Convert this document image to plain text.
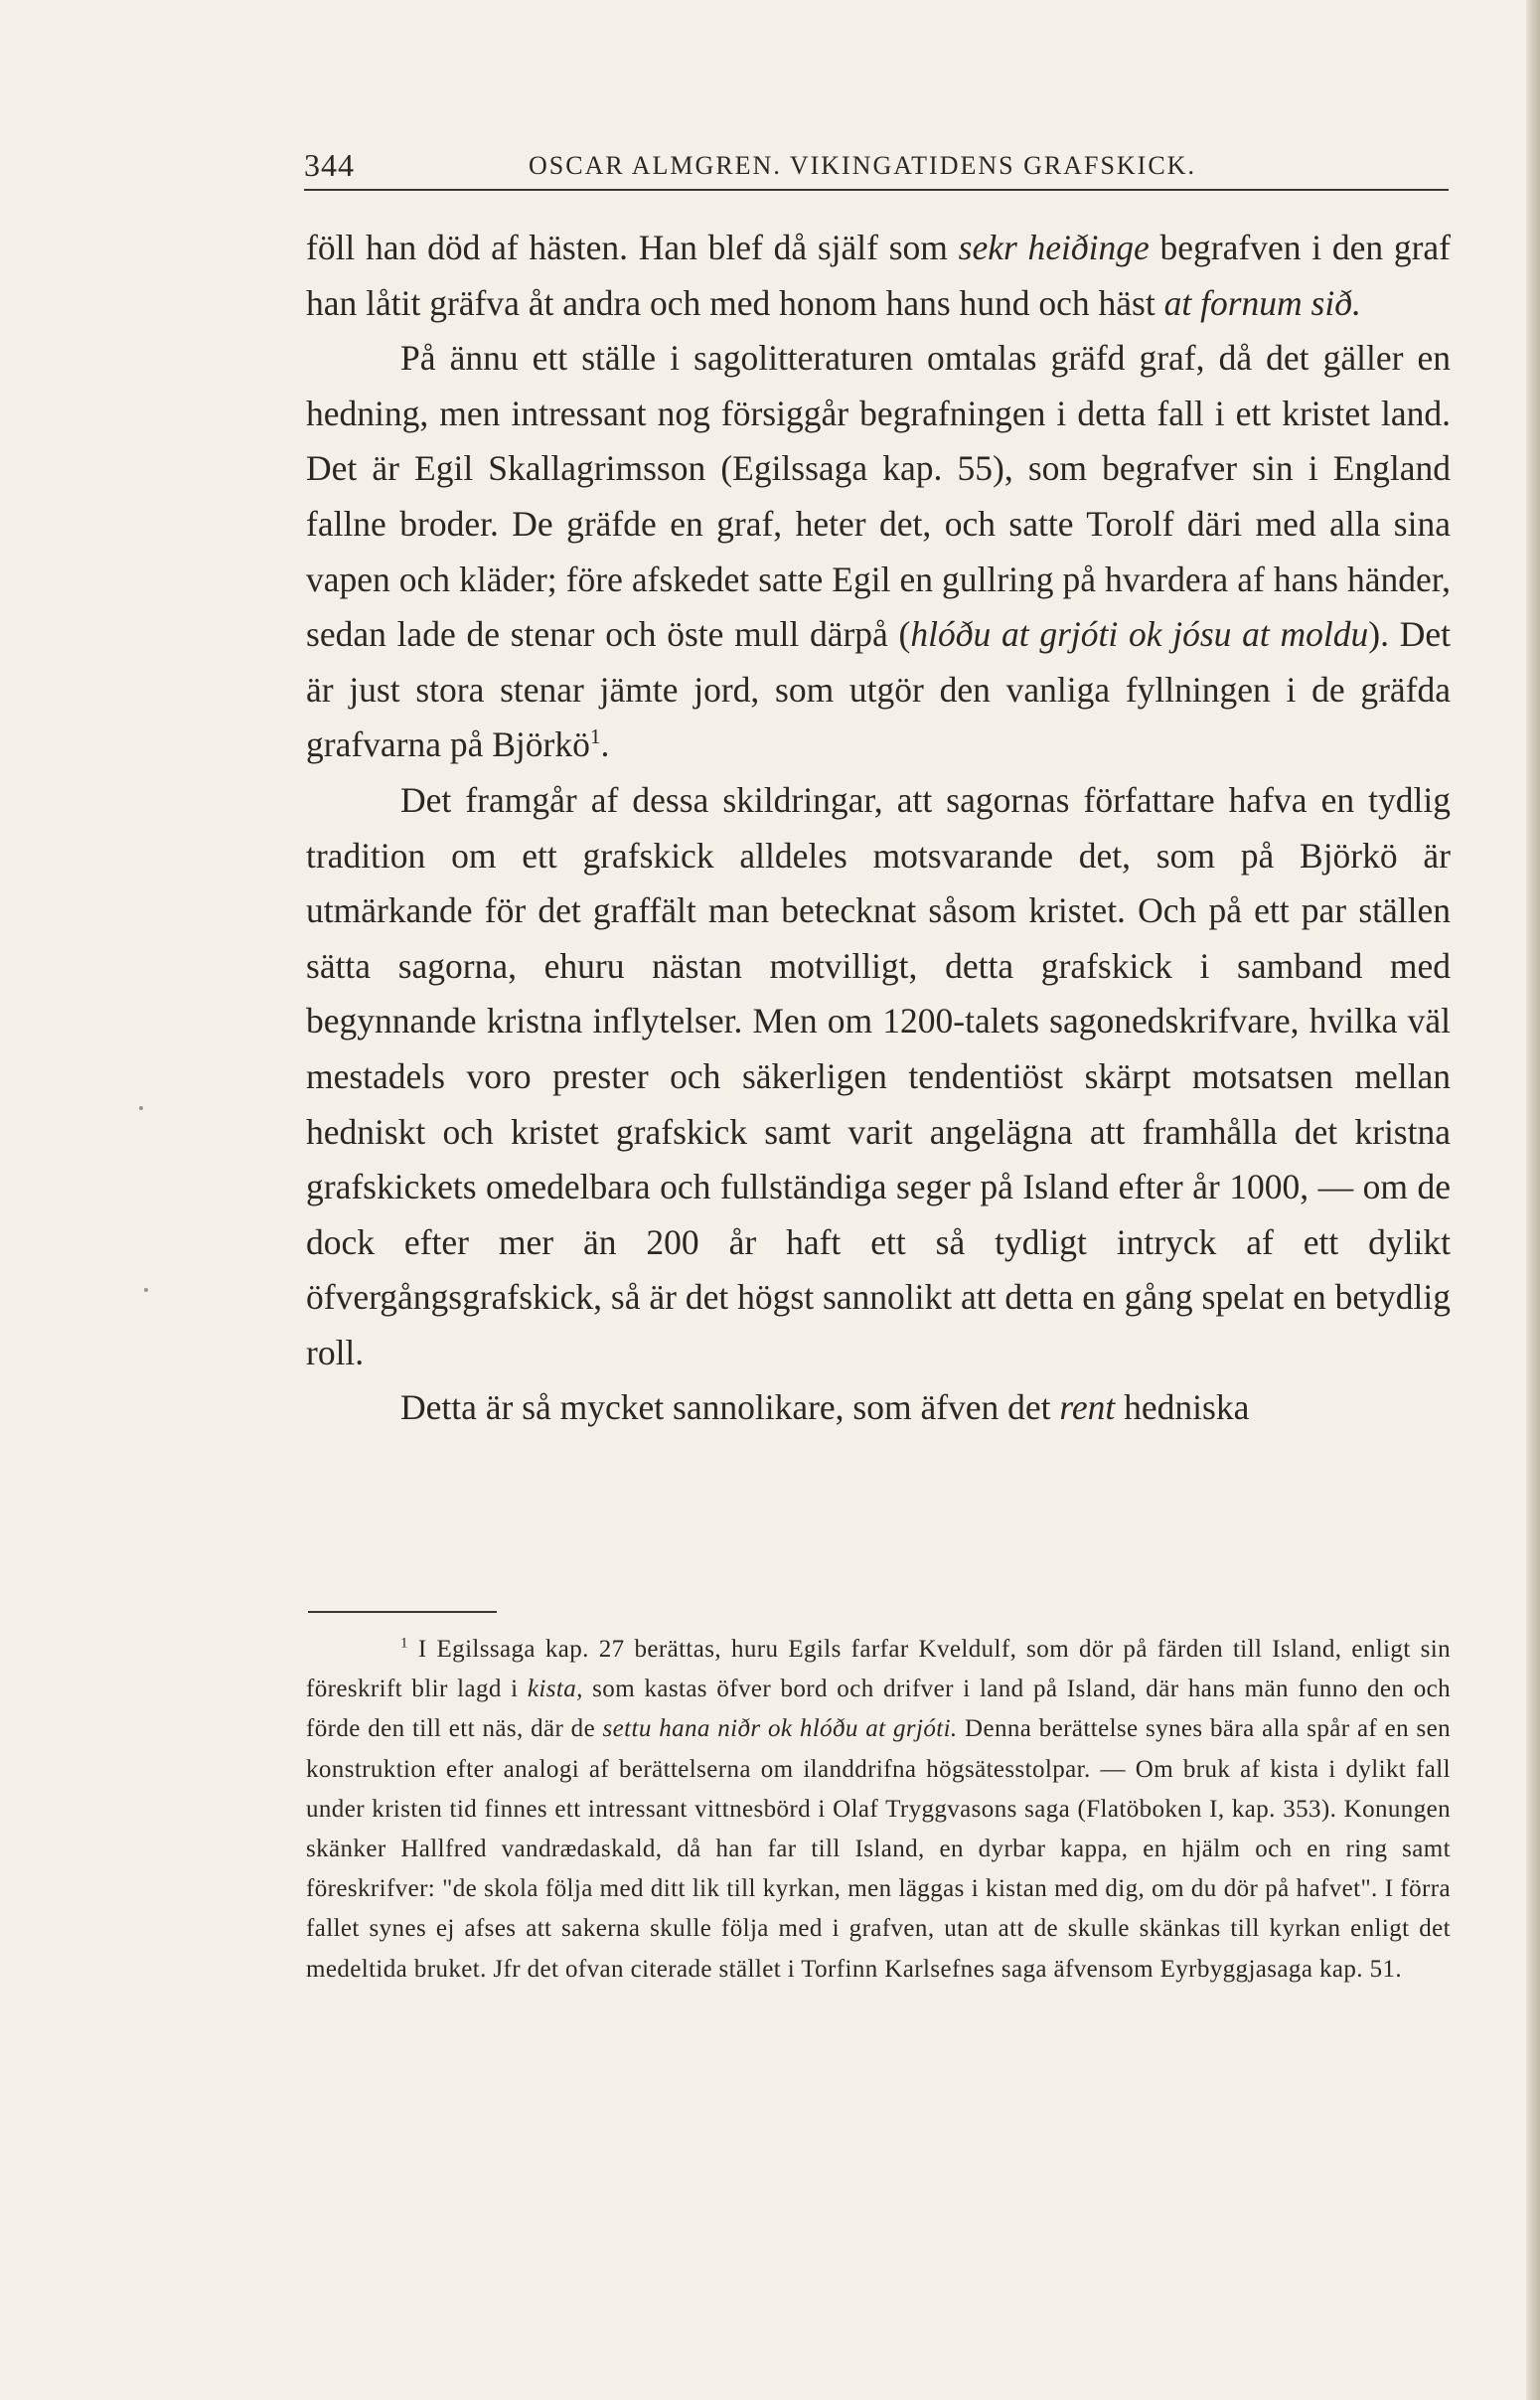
344	OSCAR ALMGREN. VIKINGATIDENS GRAFSKICK.

föll han död af hästen. Han blef då själf som sekr heiðinge begrafven i den graf han låtit gräfva åt andra och med honom hans hund och häst at fornum sið.

På ännu ett ställe i sagolitteraturen omtalas gräfd graf, då det gäller en hedning, men intressant nog försiggår begrafningen i detta fall i ett kristet land. Det är Egil Skallagrimsson (Egilssaga kap. 55), som begrafver sin i England fallne broder. De gräfde en graf, heter det, och satte Torolf däri med alla sina vapen och kläder; före afskedet satte Egil en gullring på hvardera af hans händer, sedan lade de stenar och öste mull därpå (hlóðu at grjóti ok jósu at moldu). Det är just stora stenar jämte jord, som utgör den vanliga fyllningen i de gräfda grafvarna på Björkö$^1$.

Det framgår af dessa skildringar, att sagornas författare hafva en tydlig tradition om ett grafskick alldeles motsvarande det, som på Björkö är utmärkande för det graffält man betecknat såsom kristet. Och på ett par ställen sätta sagorna, ehuru nästan motvilligt, detta grafskick i samband med begynnande kristna inflytelser. Men om 1200-talets sagonedskrifvare, hvilka väl mestadels voro prester och säkerligen tendentiöst skärpt motsatsen mellan hedniskt och kristet grafskick samt varit angelägna att framhålla det kristna grafskickets omedelbara och fullständiga seger på Island efter år 1000, — om de dock efter mer än 200 år haft ett så tydligt intryck af ett dylikt öfvergångsgrafskick, så är det högst sannolikt att detta en gång spelat en betydlig roll.

Detta är så mycket sannolikare, som äfven det rent hedniska

$^1$ I Egilssaga kap. 27 berättas, huru Egils farfar Kveldulf, som dör på färden till Island, enligt sin föreskrift blir lagd i kista, som kastas öfver bord och drifver i land på Island, där hans män funno den och förde den till ett näs, där de settu hana niðr ok hlóðu at grjóti. Denna berättelse synes bära alla spår af en sen konstruktion efter analogi af berättelserna om ilanddrifna högsätesstolpar. — Om bruk af kista i dylikt fall under kristen tid finnes ett intressant vittnesbörd i Olaf Tryggvasons saga (Flatöboken I, kap. 353). Konungen skänker Hallfred vandrædaskald, då han far till Island, en dyrbar kappa, en hjälm och en ring samt föreskrifver: "de skola följa med ditt lik till kyrkan, men läggas i kistan med dig, om du dör på hafvet". I förra fallet synes ej afses att sakerna skulle följa med i grafven, utan att de skulle skänkas till kyrkan enligt det medeltida bruket. Jfr det ofvan citerade stället i Torfinn Karlsefnes saga äfvensom Eyrbyggjasaga kap. 51.
